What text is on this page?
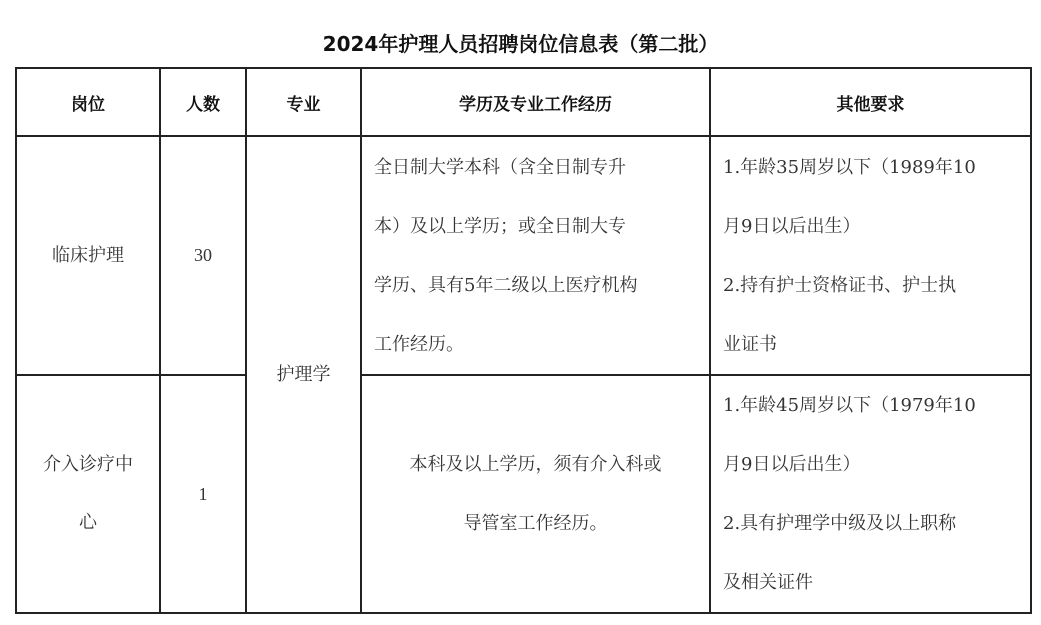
2024年护理人员招聘岗位信息表（第二批）
岗位	人数	专业	学历及专业工作经历	其他要求

临床护理	30	护理学	全日制大学本科（含全日制专升
本）及以上学历；或全日制大专
学历、具有5年二级以上医疗机构
工作经历。	1.年龄35周岁以下（1989年10
月9日以后出生）
2.持有护士资格证书、护士执
业证书

介入诊疗中
心	1		本科及以上学历，须有介入科或
导管室工作经历。	1.年龄45周岁以下（1979年10
月9日以后出生）
2.具有护理学中级及以上职称
及相关证件
